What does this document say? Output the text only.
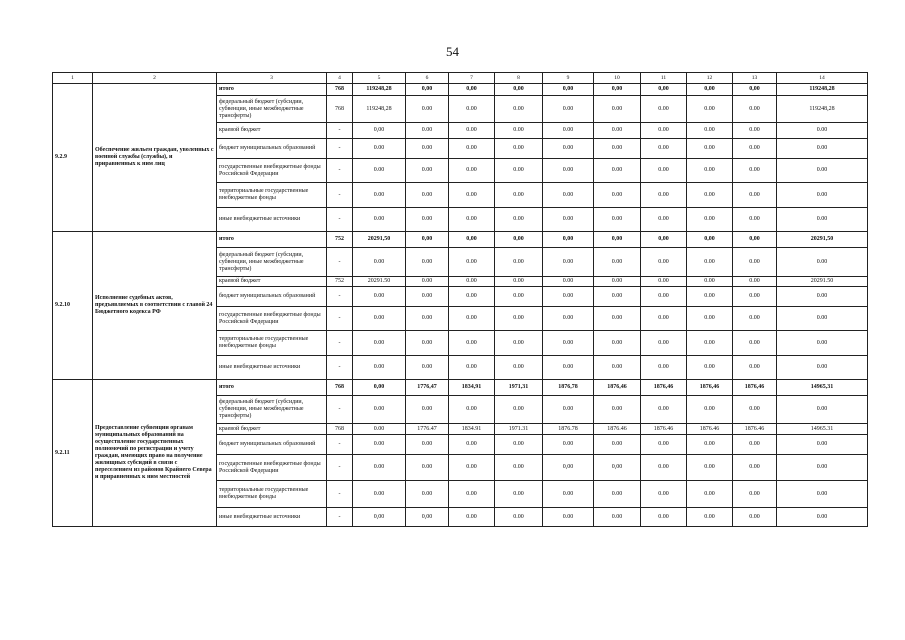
54
1	2	3	4	5	6	7	8	9	10	11	12	13	14
9.2.9	Обеспечение жильем граждан, уволенных с военной службы (службы), и приравненных к ним лиц	итого	768	119248,28	0,00	0,00	0,00	0,00	0,00	0,00	0,00	0,00	119248,28
		федеральный бюджет (субсидии, субвенции, иные межбюджетные трансферты)	768	119248,28	0.00	0.00	0.00	0.00	0.00	0.00	0.00	0.00	119248,28
		краевой бюджет	-	0,00	0.00	0.00	0.00	0.00	0.00	0.00	0.00	0.00	0.00
		бюджет муниципальных образований	-	0.00	0.00	0.00	0.00	0.00	0.00	0.00	0.00	0.00	0.00
		государственные внебюджетные фонды Российской Федерации	-	0.00	0.00	0.00	0.00	0.00	0.00	0.00	0.00	0.00	0.00
		территориальные государственные внебюджетные фонды	-	0.00	0.00	0.00	0.00	0.00	0.00	0.00	0.00	0.00	0.00
		иные внебюджетные источники	-	0.00	0.00	0.00	0.00	0.00	0.00	0.00	0.00	0.00	0.00
9.2.10	Исполнение судебных актов, предъявляемых в соответствии с главой 24 Бюджетного кодекса РФ	итого	752	20291,50	0,00	0,00	0,00	0,00	0,00	0,00	0,00	0,00	20291,50
		федеральный бюджет (субсидии, субвенции, иные межбюджетные трансферты)	-	0.00	0.00	0.00	0.00	0.00	0.00	0.00	0.00	0.00	0.00
		краевой бюджет	752	20291.50	0.00	0.00	0.00	0.00	0.00	0.00	0.00	0.00	20291.50
		бюджет муниципальных образований	-	0.00	0.00	0.00	0.00	0.00	0.00	0.00	0.00	0.00	0.00
		государственные внебюджетные фонды Российской Федерации	-	0.00	0.00	0.00	0.00	0.00	0.00	0.00	0.00	0.00	0.00
		территориальные государственные внебюджетные фонды	-	0.00	0.00	0.00	0.00	0.00	0.00	0.00	0.00	0.00	0.00
		иные внебюджетные источники	-	0.00	0.00	0.00	0.00	0.00	0.00	0.00	0.00	0.00	0.00
9.2.11	Предоставление субвенции органам муниципальных образований на осуществление государственных полномочий по регистрации и учету граждан, имеющих право на получение жилищных субсидий в связи с переселением из районов Крайнего Севера и приравненных к ним местностей	итого	768	0,00	1776,47	1834,91	1971,31	1876,78	1876,46	1876,46	1876,46	1876,46	14965,31
		федеральный бюджет (субсидии, субвенции, иные межбюджетные трансферты)	-	0.00	0.00	0.00	0.00	0.00	0.00	0.00	0.00	0.00	0.00
		краевой бюджет	768	0.00	1776.47	1834.91	1971.31	1876.78	1876.46	1876.46	1876.46	1876.46	14965.31
		бюджет муниципальных образований	-	0.00	0.00	0.00	0.00	0.00	0.00	0.00	0.00	0.00	0.00
		государственные внебюджетные фонды Российской Федерации	-	0.00	0.00	0.00	0.00	0,00	0,00	0.00	0.00	0.00	0.00
		территориальные государственные внебюджетные фонды	-	0.00	0.00	0.00	0.00	0.00	0.00	0.00	0.00	0.00	0.00
		иные внебюджетные источники	-	0,00	0,00	0.00	0.00	0.00	0.00	0.00	0.00	0.00	0.00
